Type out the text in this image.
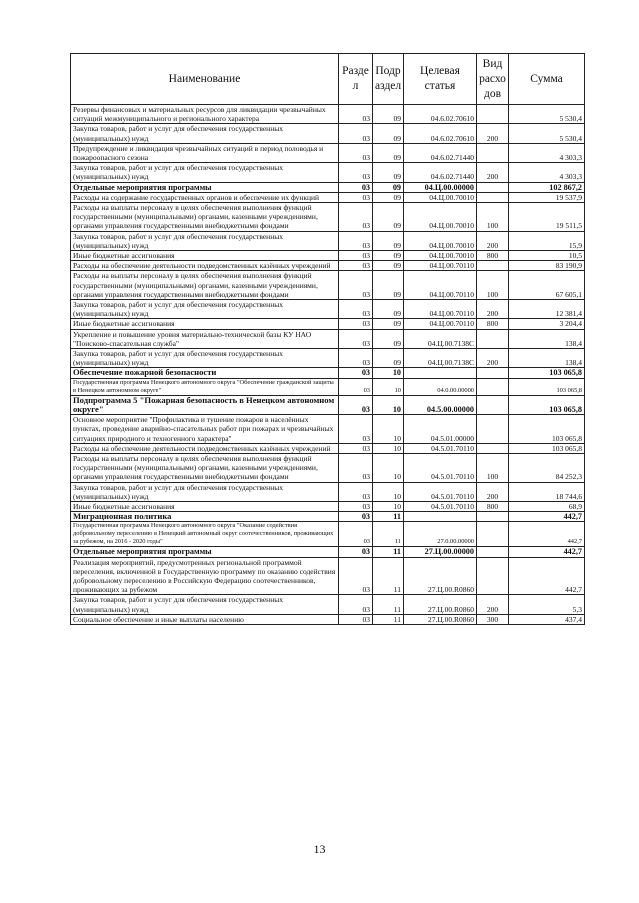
Наименование	Разде л	Подр аздел	Целевая статья	Вид расхо дов	Сумма
Резервы финансовых и материальных ресурсов для ликвидации чрезвычайных ситуаций межмуниципального и регионального характера	03	09	04.6.02.70610		5 530,4
Закупка товаров, работ и услуг для обеспечения государственных (муниципальных) нужд	03	09	04.6.02.70610	200	5 530,4
Предупреждение и ликвидация чрезвычайных ситуаций в период половодья и пожароопасного сезона	03	09	04.6.02.71440		4 303,3
Закупка товаров, работ и услуг для обеспечения государственных (муниципальных) нужд	03	09	04.6.02.71440	200	4 303,3
Отдельные мероприятия программы	03	09	04.Ц.00.00000		102 867,2
Расходы на содержание государственных органов и обеспечение их функций	03	09	04.Ц.00.70010		19 537,9
Расходы на выплаты персоналу в целях обеспечения выполнения функций государственными (муниципальными) органами, казенными учреждениями, органами управления государственными внебюджетными фондами	03	09	04.Ц.00.70010	100	19 511,5
Закупка товаров, работ и услуг для обеспечения государственных (муниципальных) нужд	03	09	04.Ц.00.70010	200	15,9
Иные бюджетные ассигнования	03	09	04.Ц.00.70010	800	10,5
Расходы на обеспечение деятельности подведомственных казённых учреждений	03	09	04.Ц.00.70110		83 190,9
Расходы на выплаты персоналу в целях обеспечения выполнения функций государственными (муниципальными) органами, казенными учреждениями, органами управления государственными внебюджетными фондами	03	09	04.Ц.00.70110	100	67 605,1
Закупка товаров, работ и услуг для обеспечения государственных (муниципальных) нужд	03	09	04.Ц.00.70110	200	12 381,4
Иные бюджетные ассигнования	03	09	04.Ц.00.70110	800	3 204,4
Укрепление и повышение уровня материально-технической базы КУ НАО "Поисково-спасательная служба"	03	09	04.Ц.00.7138С		138,4
Закупка товаров, работ и услуг для обеспечения государственных (муниципальных) нужд	03	09	04.Ц.00.7138С	200	138,4
Обеспечение пожарной безопасности	03	10			103 065,8
Государственная программа Ненецкого автономного округа "Обеспечение гражданской защиты в Ненецком автономном округе"	03	10	04.0.00.00000		103 065,8
Подпрограмма 5 "Пожарная безопасность в Ненецком автономном округе"	03	10	04.5.00.00000		103 065,8
Основное мероприятие "Профилактика и тушение пожаров в населённых пунктах, проведение аварийно-спасательных работ при пожарах и чрезвычайных ситуациях природного и техногенного характера"	03	10	04.5.01.00000		103 065,8
Расходы на обеспечение деятельности подведомственных казённых учреждений	03	10	04.5.01.70110		103 065,8
Расходы на выплаты персоналу в целях обеспечения выполнения функций государственными (муниципальными) органами, казенными учреждениями, органами управления государственными внебюджетными фондами	03	10	04.5.01.70110	100	84 252,3
Закупка товаров, работ и услуг для обеспечения государственных (муниципальных) нужд	03	10	04.5.01.70110	200	18 744,6
Иные бюджетные ассигнования	03	10	04.5.01.70110	800	68,9
Миграционная политика	03	11			442,7
Государственная программа Ненецкого автономного округа "Оказание содействия добровольному переселению в Ненецкий автономный округ соотечественников, проживающих за рубежом, на 2016 - 2020 годы"	03	11	27.0.00.00000		442,7
Отдельные мероприятия программы	03	11	27.Ц.00.00000		442,7
Реализация мероприятий, предусмотренных региональной программой переселения, включенной в Государственную программу по оказанию содействия добровольному переселению в Российскую Федерацию соотечественников, проживающих за рубежом	03	11	27.Ц.00.R0860		442,7
Закупка товаров, работ и услуг для обеспечения государственных (муниципальных) нужд	03	11	27.Ц.00.R0860	200	5,3
Социальное обеспечение и иные выплаты населению	03	11	27.Ц.00.R0860	300	437,4
13
